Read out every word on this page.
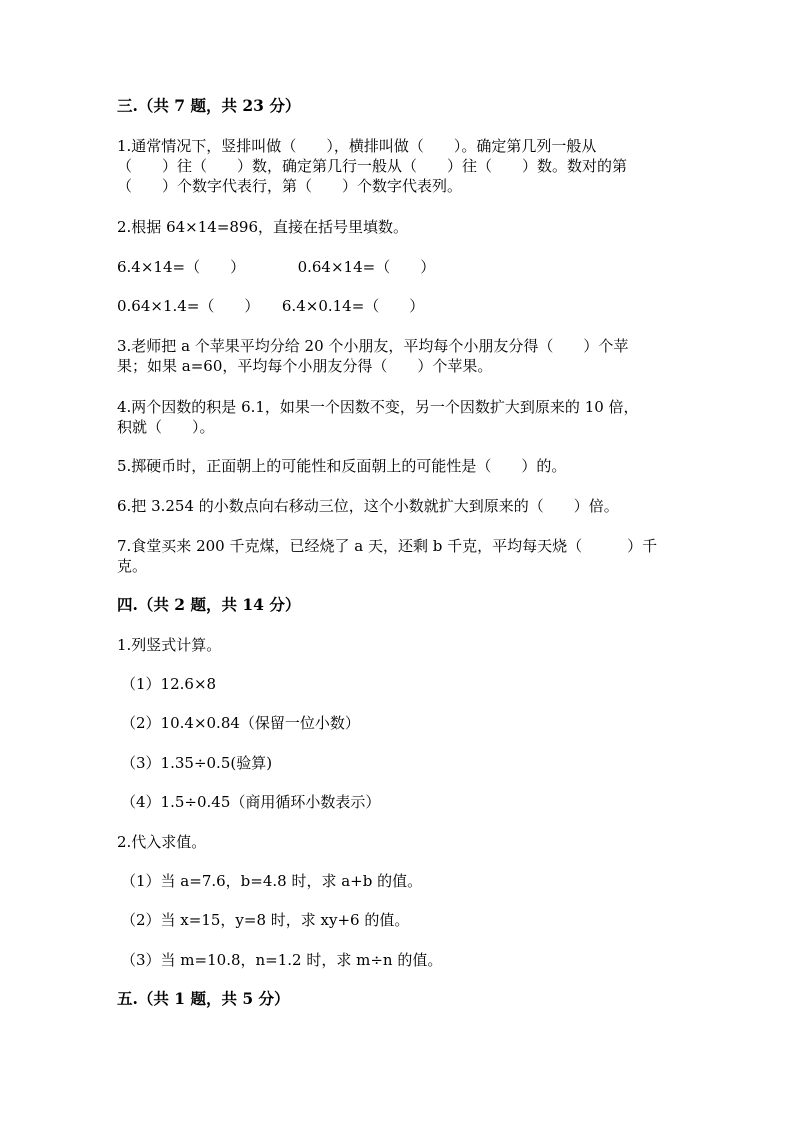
三.（共 7 题，共 23 分）
1.通常情况下，竖排叫做（　　），横排叫做（　　）。确定第几列一般从
（　　）往（　　）数，确定第几行一般从（　　）往（　　）数。数对的第
（　　）个数字代表行，第（　　）个数字代表列。
2.根据 64×14=896，直接在括号里填数。
6.4×14=（　　）　　　　0.64×14=（　　）
0.64×1.4=（　　）　　6.4×0.14=（　　）
3.老师把 a 个苹果平均分给 20 个小朋友，平均每个小朋友分得（　　）个苹
果；如果 a=60，平均每个小朋友分得（　　）个苹果。
4.两个因数的积是 6.1，如果一个因数不变，另一个因数扩大到原来的 10 倍，
积就（　　）。
5.掷硬币时，正面朝上的可能性和反面朝上的可能性是（　　）的。
6.把 3.254 的小数点向右移动三位，这个小数就扩大到原来的（　　）倍。
7.食堂买来 200 千克煤，已经烧了 a 天，还剩 b 千克，平均每天烧（　　　）千
克。
四.（共 2 题，共 14 分）
1.列竖式计算。
（1）12.6×8
（2）10.4×0.84（保留一位小数）
（3）1.35÷0.5(验算)
（4）1.5÷0.45（商用循环小数表示）
2.代入求值。
（1）当 a=7.6，b=4.8 时，求 a+b 的值。
（2）当 x=15，y=8 时，求 xy+6 的值。
（3）当 m=10.8，n=1.2 时，求 m÷n 的值。
五.（共 1 题，共 5 分）
